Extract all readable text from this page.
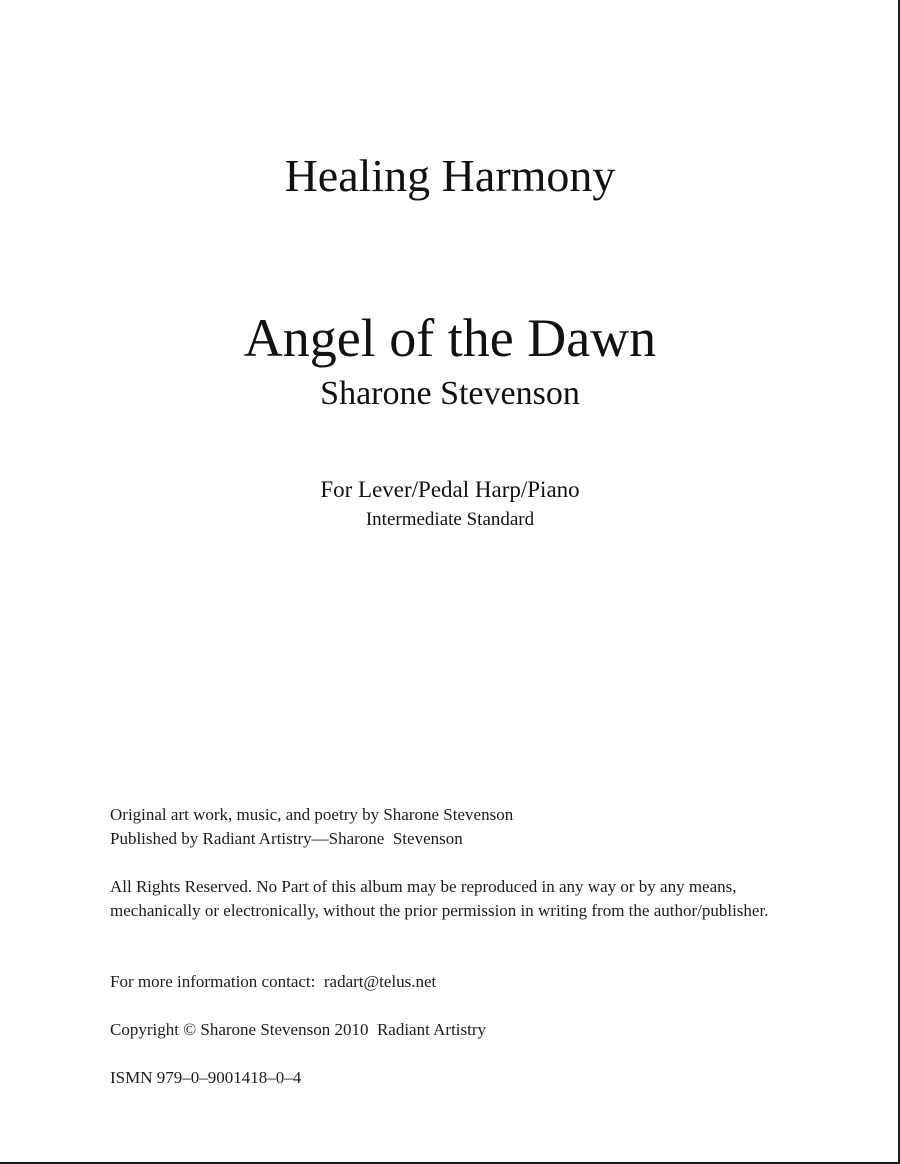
Healing Harmony
Angel of the Dawn
Sharone Stevenson
For Lever/Pedal Harp/Piano
Intermediate Standard

Original art work, music, and poetry by Sharone Stevenson

Published by Radiant Artistry—Sharone  Stevenson

All Rights Reserved. No Part of this album may be reproduced in any way or by any means, mechanically or electronically, without the prior permission in writing from the author/publisher.

For more information contact:  radart@telus.net
Copyright © Sharone Stevenson 2010  Radiant Artistry
ISMN 979–0–9001418–0–4
